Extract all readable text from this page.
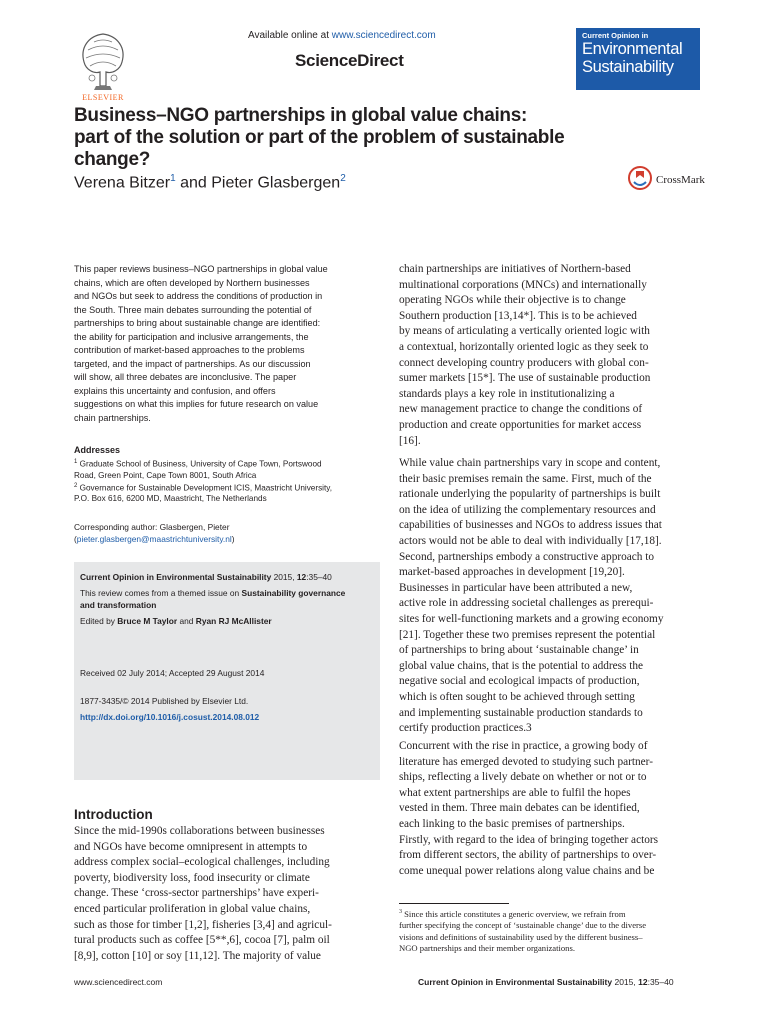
ELSEVIER
Available online at www.sciencedirect.com
ScienceDirect
Current Opinion in
Environmental
Sustainability
Business–NGO partnerships in global value chains:
part of the solution or part of the problem of sustainable
change?
Verena Bitzer$^1$ and Pieter Glasbergen$^2$	CrossMark
This paper reviews business–NGO partnerships in global value
chains, which are often developed by Northern businesses
and NGOs but seek to address the conditions of production in
the South. Three main debates surrounding the potential of
partnerships to bring about sustainable change are identified:
the ability for participation and inclusive arrangements, the
contribution of market-based approaches to the problems
targeted, and the impact of partnerships. As our discussion
will show, all three debates are inconclusive. The paper
explains this uncertainty and confusion, and offers
suggestions on what this implies for future research on value
chain partnerships.
Addresses
$^1$ Graduate School of Business, University of Cape Town, Portswood
Road, Green Point, Cape Town 8001, South Africa
$^2$ Governance for Sustainable Development ICIS, Maastricht University,
P.O. Box 616, 6200 MD, Maastricht, The Netherlands
Corresponding author: Glasbergen, Pieter
(pieter.glasbergen@maastrichtuniversity.nl)

Current Opinion in Environmental Sustainability 2015, 12:35–40

This review comes from a themed issue on Sustainability governance

and transformation

Edited by Bruce M Taylor and Ryan RJ McAllister

Received 02 July 2014; Accepted 29 August 2014

1877-3435/© 2014 Published by Elsevier Ltd.

http://dx.doi.org/10.1016/j.cosust.2014.08.012

Introduction
Since the mid-1990s collaborations between businesses
and NGOs have become omnipresent in attempts to
address complex social–ecological challenges, including
poverty, biodiversity loss, food insecurity or climate
change. These ‘cross-sector partnerships’ have experi-
enced particular proliferation in global value chains,
such as those for timber [1,2], fisheries [3,4] and agricul-
tural products such as coffee [5**,6], cocoa [7], palm oil
[8,9], cotton [10] or soy [11,12]. The majority of value
chain partnerships are initiatives of Northern-based
multinational corporations (MNCs) and internationally
operating NGOs while their objective is to change
Southern production [13,14*]. This is to be achieved
by means of articulating a vertically oriented logic with
a contextual, horizontally oriented logic as they seek to
connect developing country producers with global con-
sumer markets [15*]. The use of sustainable production
standards plays a key role in institutionalizing a
new management practice to change the conditions of
production and create opportunities for market access
[16].
While value chain partnerships vary in scope and content,
their basic premises remain the same. First, much of the
rationale underlying the popularity of partnerships is built
on the idea of utilizing the complementary resources and
capabilities of businesses and NGOs to address issues that
actors would not be able to deal with individually [17,18].
Second, partnerships embody a constructive approach to
market-based approaches in development [19,20].
Businesses in particular have been attributed a new,
active role in addressing societal challenges as prerequi-
sites for well-functioning markets and a growing economy
[21]. Together these two premises represent the potential
of partnerships to bring about ‘sustainable change’ in
global value chains, that is the potential to address the
negative social and ecological impacts of production,
which is often sought to be achieved through setting
and implementing sustainable production standards to
certify production practices.3
Concurrent with the rise in practice, a growing body of
literature has emerged devoted to studying such partner-
ships, reflecting a lively debate on whether or not or to
what extent partnerships are able to fulfil the hopes
vested in them. Three main debates can be identified,
each linking to the basic premises of partnerships.
Firstly, with regard to the idea of bringing together actors
from different sectors, the ability of partnerships to over-
come unequal power relations along value chains and be
$^3$ Since this article constitutes a generic overview, we refrain from
further specifying the concept of ‘sustainable change’ due to the diverse
visions and definitions of sustainability used by the different business–
NGO partnerships and their member organizations.
www.sciencedirect.com	Current Opinion in Environmental Sustainability 2015, 12:35–40
